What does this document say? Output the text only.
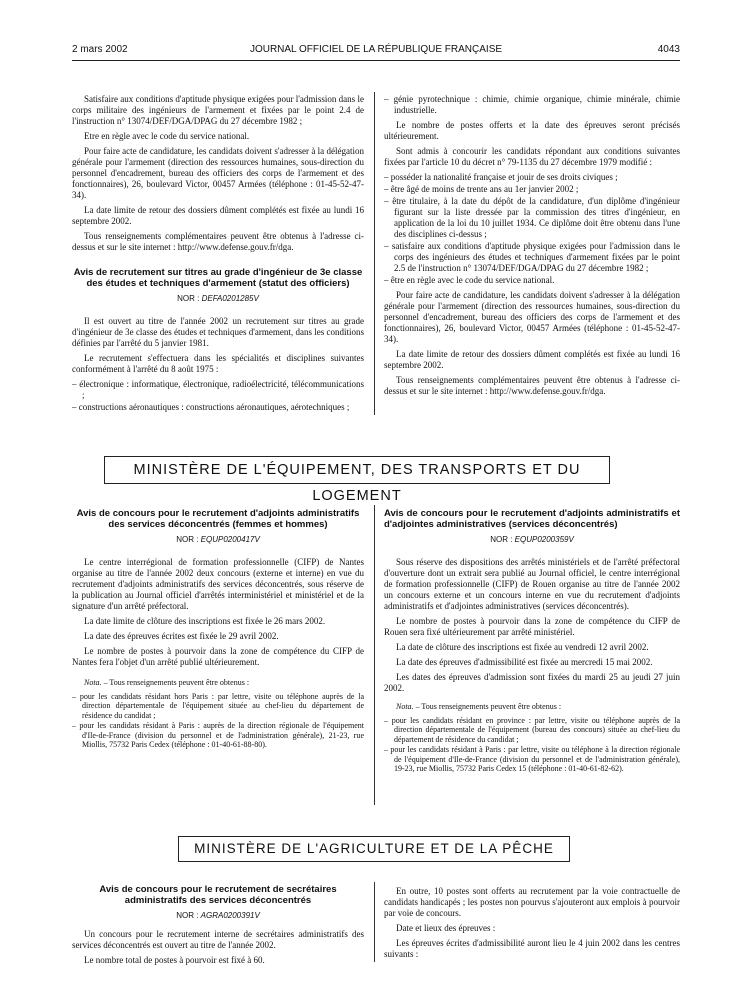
2 mars 2002	JOURNAL OFFICIEL DE LA RÉPUBLIQUE FRANÇAISE	4043

Satisfaire aux conditions d'aptitude physique exigées pour l'admission dans le corps militaire des ingénieurs de l'armement et fixées par le point 2.4 de l'instruction n° 13074/DEF/DGA/DPAG du 27 décembre 1982 ;

Etre en règle avec le code du service national.

Pour faire acte de candidature, les candidats doivent s'adresser à la délégation générale pour l'armement (direction des ressources humaines, sous-direction du personnel d'encadrement, bureau des officiers des corps de l'armement et des fonctionnaires), 26, boulevard Victor, 00457 Armées (téléphone : 01-45-52-47-34).

La date limite de retour des dossiers dûment complétés est fixée au lundi 16 septembre 2002.

Tous renseignements complémentaires peuvent être obtenus à l'adresse ci-dessus et sur le site internet : http://www.defense.gouv.fr/dga.

Avis de recrutement sur titres au grade d'ingénieur de 3e classe des études et techniques d'armement (statut des officiers)

NOR : DEFA0201285V

Il est ouvert au titre de l'année 2002 un recrutement sur titres au grade d'ingénieur de 3e classe des études et techniques d'armement, dans les conditions définies par l'arrêté du 5 janvier 1981.

Le recrutement s'effectuera dans les spécialités et disciplines suivantes conformément à l'arrêté du 8 août 1975 :

– électronique : informatique, électronique, radioélectricité, télécommunications ;
– constructions aéronautiques : constructions aéronautiques, aérotechniques ;
– génie pyrotechnique : chimie, chimie organique, chimie minérale, chimie industrielle.

Le nombre de postes offerts et la date des épreuves seront précisés ultérieurement.

Sont admis à concourir les candidats répondant aux conditions suivantes fixées par l'article 10 du décret n° 79-1135 du 27 décembre 1979 modifié :

– posséder la nationalité française et jouir de ses droits civiques ;
– être âgé de moins de trente ans au 1er janvier 2002 ;
– être titulaire, à la date du dépôt de la candidature, d'un diplôme d'ingénieur figurant sur la liste dressée par la commission des titres d'ingénieur, en application de la loi du 10 juillet 1934. Ce diplôme doit être obtenu dans l'une des disciplines ci-dessus ;
– satisfaire aux conditions d'aptitude physique exigées pour l'admission dans le corps des ingénieurs des études et techniques d'armement fixées par le point 2.5 de l'instruction n° 13074/DEF/DGA/DPAG du 27 décembre 1982 ;
– être en règle avec le code du service national.

Pour faire acte de candidature, les candidats doivent s'adresser à la délégation générale pour l'armement (direction des ressources humaines, sous-direction du personnel d'encadrement, bureau des officiers des corps de l'armement et des fonctionnaires), 26, boulevard Victor, 00457 Armées (téléphone : 01-45-52-47-34).

La date limite de retour des dossiers dûment complétés est fixée au lundi 16 septembre 2002.

Tous renseignements complémentaires peuvent être obtenus à l'adresse ci-dessus et sur le site internet : http://www.defense.gouv.fr/dga.

MINISTÈRE DE L'ÉQUIPEMENT, DES TRANSPORTS ET DU LOGEMENT

Avis de concours pour le recrutement d'adjoints administratifs des services déconcentrés (femmes et hommes)

NOR : EQUP0200417V

Le centre interrégional de formation professionnelle (CIFP) de Nantes organise au titre de l'année 2002 deux concours (externe et interne) en vue du recrutement d'adjoints administratifs des services déconcentrés, sous réserve de la publication au Journal officiel d'arrêtés interministériel et ministériel et de la signature d'un arrêté préfectoral.

La date limite de clôture des inscriptions est fixée le 26 mars 2002.

La date des épreuves écrites est fixée le 29 avril 2002.

Le nombre de postes à pourvoir dans la zone de compétence du CIFP de Nantes fera l'objet d'un arrêté publié ultérieurement.

Nota. – Tous renseignements peuvent être obtenus :

– pour les candidats résidant hors Paris : par lettre, visite ou téléphone auprès de la direction départementale de l'équipement située au chef-lieu du département de résidence du candidat ;
– pour les candidats résidant à Paris : auprès de la direction régionale de l'équipement d'Ile-de-France (division du personnel et de l'administration générale), 21-23, rue Miollis, 75732 Paris Cedex (téléphone : 01-40-61-88-80).

Avis de concours pour le recrutement d'adjoints administratifs et d'adjointes administratives (services déconcentrés)

NOR : EQUP0200359V

Sous réserve des dispositions des arrêtés ministériels et de l'arrêté préfectoral d'ouverture dont un extrait sera publié au Journal officiel, le centre interrégional de formation professionnelle (CIFP) de Rouen organise au titre de l'année 2002 un concours externe et un concours interne en vue du recrutement d'adjoints administratifs et d'adjointes administratives (services déconcentrés).

Le nombre de postes à pourvoir dans la zone de compétence du CIFP de Rouen sera fixé ultérieurement par arrêté ministériel.

La date de clôture des inscriptions est fixée au vendredi 12 avril 2002.

La date des épreuves d'admissibilité est fixée au mercredi 15 mai 2002.

Les dates des épreuves d'admission sont fixées du mardi 25 au jeudi 27 juin 2002.

Nota. – Tous renseignements peuvent être obtenus :

– pour les candidats résidant en province : par lettre, visite ou téléphone auprès de la direction départementale de l'équipement (bureau des concours) située au chef-lieu du département de résidence du candidat ;
– pour les candidats résidant à Paris : par lettre, visite ou téléphone à la direction régionale de l'équipement d'Ile-de-France (division du personnel et de l'administration générale), 19-23, rue Miollis, 75732 Paris Cedex 15 (téléphone : 01-40-61-82-62).
MINISTÈRE DE L'AGRICULTURE ET DE LA PÊCHE

Avis de concours pour le recrutement de secrétaires administratifs des services déconcentrés

NOR : AGRA0200391V

Un concours pour le recrutement interne de secrétaires administratifs des services déconcentrés est ouvert au titre de l'année 2002.

Le nombre total de postes à pourvoir est fixé à 60.

En outre, 10 postes sont offerts au recrutement par la voie contractuelle de candidats handicapés ; les postes non pourvus s'ajouteront aux emplois à pourvoir par voie de concours.

Date et lieux des épreuves :

Les épreuves écrites d'admissibilité auront lieu le 4 juin 2002 dans les centres suivants :
